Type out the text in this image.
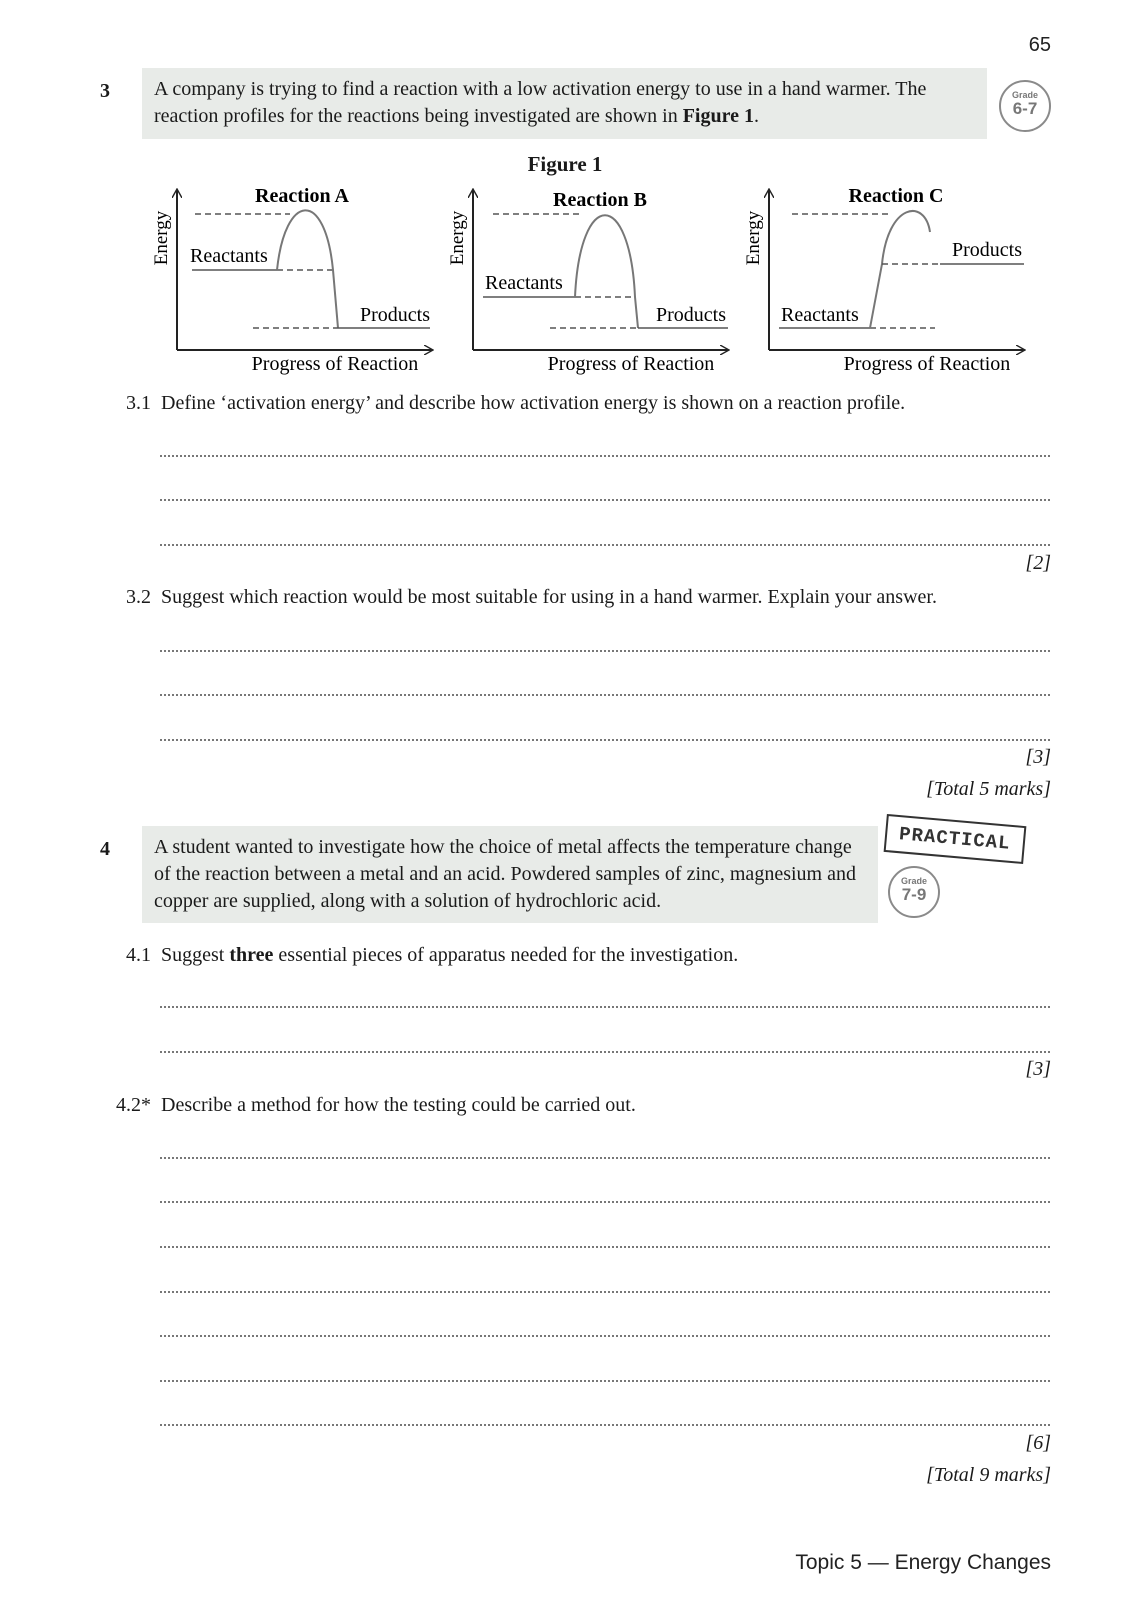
65
3	A company is trying to find a reaction with a low activation energy to use in a hand warmer. The reaction profiles for the reactions being investigated are shown in Figure 1.
Grade
6-7
Figure 1
Reaction A
Energy
Progress of Reaction
Reactants
Products
Reaction B
Energy
Progress of Reaction
Reactants
Products
Reaction C
Energy
Progress of Reaction
Reactants
Products
3.1 Define ‘activation energy’ and describe how activation energy is shown on a reaction profile.
[2]
3.2 Suggest which reaction would be most suitable for using in a hand warmer. Explain your answer.
[3]
[Total 5 marks]
4	A student wanted to investigate how the choice of metal affects the temperature change of the reaction between a metal and an acid. Powdered samples of zinc, magnesium and copper are supplied, along with a solution of hydrochloric acid.
PRACTICAL
Grade
7-9
4.1 Suggest three essential pieces of apparatus needed for the investigation.
[3]
4.2* Describe a method for how the testing could be carried out.
[6]
[Total 9 marks]
Topic 5 — Energy Changes
